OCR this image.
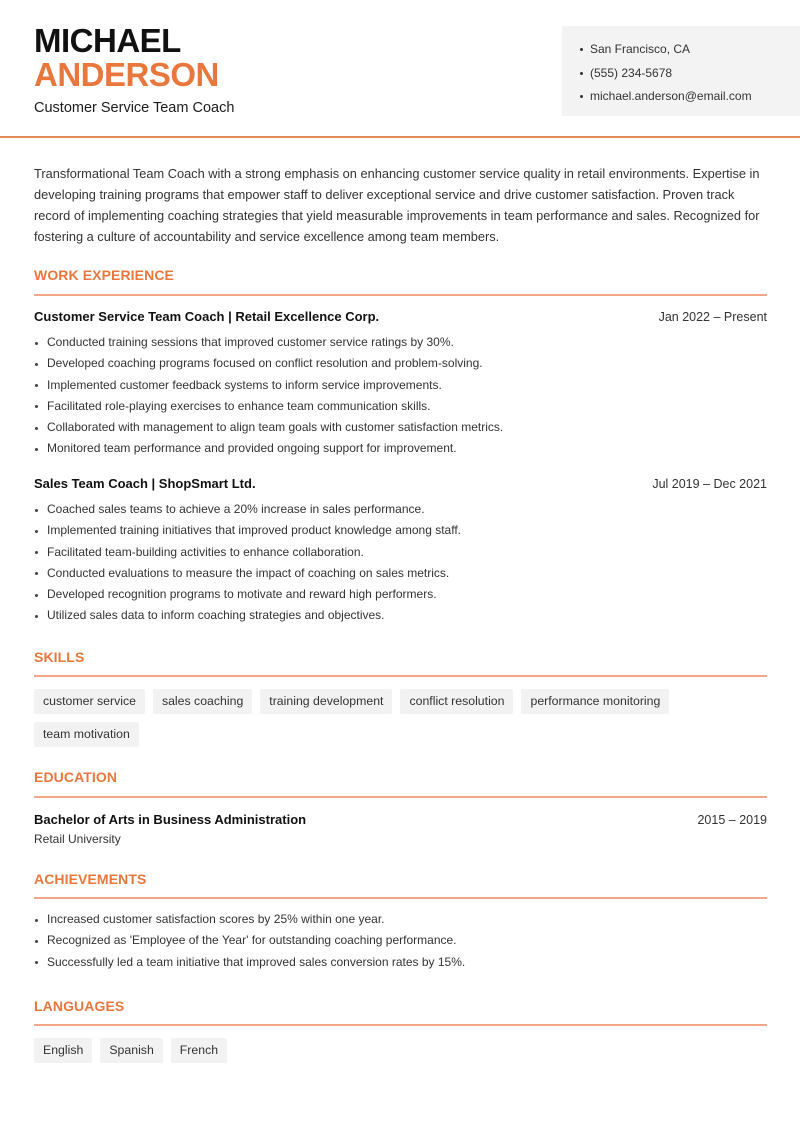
MICHAEL
ANDERSON
Customer Service Team Coach
San Francisco, CA
(555) 234-5678
michael.anderson@email.com

Transformational Team Coach with a strong emphasis on enhancing customer service quality in retail environments. Expertise in developing training programs that empower staff to deliver exceptional service and drive customer satisfaction. Proven track record of implementing coaching strategies that yield measurable improvements in team performance and sales. Recognized for fostering a culture of accountability and service excellence among team members.

WORK EXPERIENCE
Customer Service Team Coach | Retail Excellence Corp.	Jan 2022 – Present
Conducted training sessions that improved customer service ratings by 30%.
Developed coaching programs focused on conflict resolution and problem-solving.
Implemented customer feedback systems to inform service improvements.
Facilitated role-playing exercises to enhance team communication skills.
Collaborated with management to align team goals with customer satisfaction metrics.
Monitored team performance and provided ongoing support for improvement.
Sales Team Coach | ShopSmart Ltd.	Jul 2019 – Dec 2021
Coached sales teams to achieve a 20% increase in sales performance.
Implemented training initiatives that improved product knowledge among staff.
Facilitated team-building activities to enhance collaboration.
Conducted evaluations to measure the impact of coaching on sales metrics.
Developed recognition programs to motivate and reward high performers.
Utilized sales data to inform coaching strategies and objectives.
SKILLS
customer service	sales coaching	training development	conflict resolution	performance monitoring
team motivation
EDUCATION
Bachelor of Arts in Business Administration	2015 – 2019
Retail University
ACHIEVEMENTS
Increased customer satisfaction scores by 25% within one year.
Recognized as 'Employee of the Year' for outstanding coaching performance.
Successfully led a team initiative that improved sales conversion rates by 15%.
LANGUAGES
English	Spanish	French
